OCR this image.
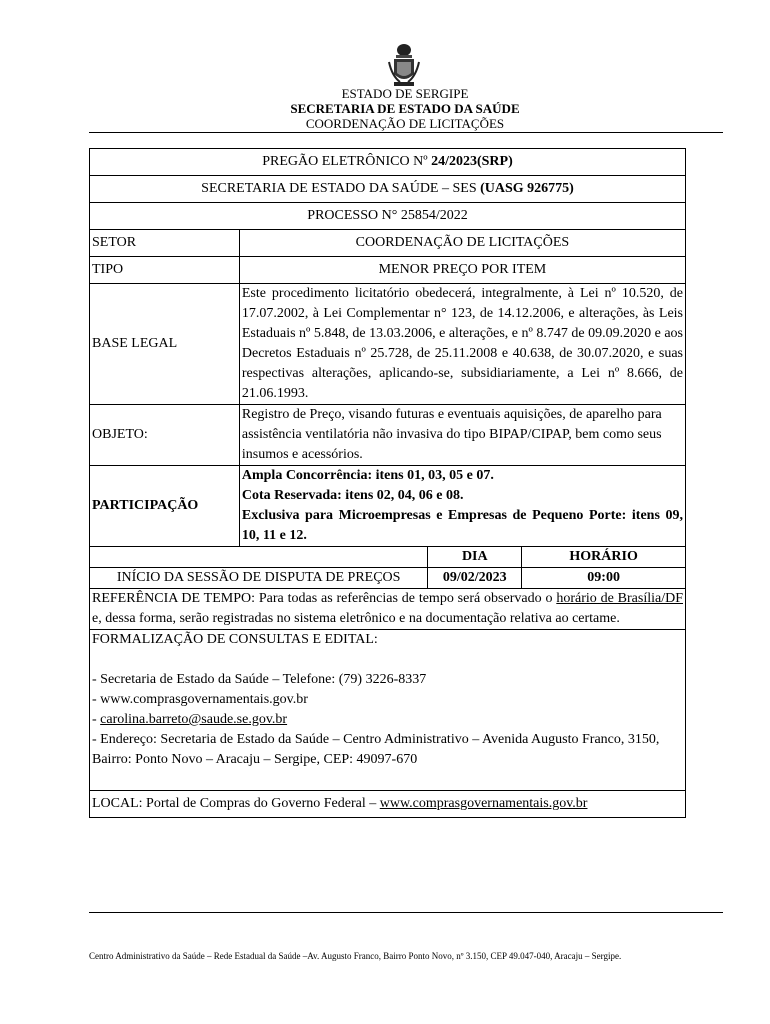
ESTADO DE SERGIPE
SECRETARIA DE ESTADO DA SAÚDE
COORDENAÇÃO DE LICITAÇÕES
PREGÃO ELETRÔNICO Nº 24/2023(SRP)			
SECRETARIA DE ESTADO DA SAÚDE – SES (UASG 926775)			
PROCESSO N° 25854/2022			
SETOR	COORDENAÇÃO DE LICITAÇÕES		
TIPO	MENOR PREÇO POR ITEM		
BASE LEGAL	Este procedimento licitatório obedecerá, integralmente, à Lei nº 10.520, de 17.07.2002, à Lei Complementar n° 123, de 14.12.2006, e alterações, às Leis Estaduais nº 5.848, de 13.03.2006, e alterações, e nº 8.747 de 09.09.2020 e aos Decretos Estaduais nº 25.728, de 25.11.2008 e 40.638, de 30.07.2020, e suas respectivas alterações, aplicando-se, subsidiariamente, a Lei nº 8.666, de 21.06.1993.		
OBJETO:	Registro de Preço, visando futuras e eventuais aquisições, de aparelho para assistência ventilatória não invasiva do tipo BIPAP/CIPAP, bem como seus insumos e acessórios.		
PARTICIPAÇÃO	Ampla Concorrência: itens 01, 03, 05 e 07.
Cota Reservada: itens 02, 04, 06 e 08.
Exclusiva para Microempresas e Empresas de Pequeno Porte: itens 09, 10, 11 e 12.		

		DIA	HORÁRIO
INÍCIO DA SESSÃO DE DISPUTA DE PREÇOS		09/02/2023	09:00
REFERÊNCIA DE TEMPO: Para todas as referências de tempo será observado o horário de Brasília/DF e, dessa forma, serão registradas no sistema eletrônico e na documentação relativa ao certame.			

FORMALIZAÇÃO DE CONSULTAS E EDITAL:
- Secretaria de Estado da Saúde – Telefone: (79) 3226-8337
- www.comprasgovernamentais.gov.br
- carolina.barreto@saude.se.gov.br
- Endereço: Secretaria de Estado da Saúde – Centro Administrativo – Avenida Augusto Franco, 3150, Bairro: Ponto Novo – Aracaju – Sergipe, CEP: 49097-670			

LOCAL: Portal de Compras do Governo Federal – www.comprasgovernamentais.gov.br			
Centro Administrativo da Saúde – Rede Estadual da Saúde –Av. Augusto Franco, Bairro Ponto Novo, nº 3.150, CEP 49.047-040, Aracaju – Sergipe.
